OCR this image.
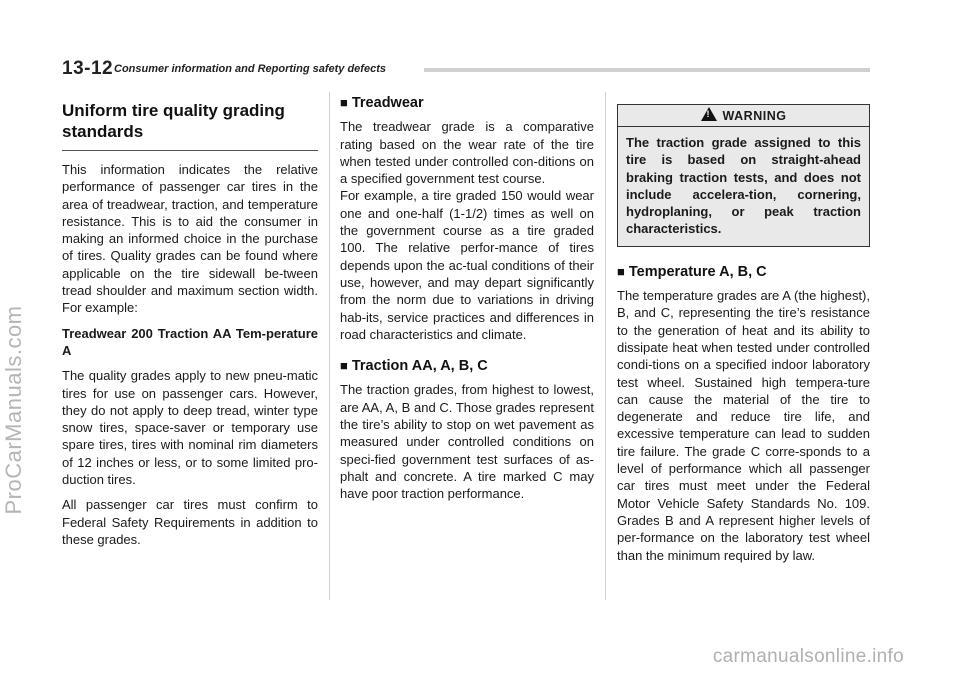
13-12 Consumer information and Reporting safety defects
ProCarManuals.com
Uniform tire quality grading standards

This information indicates the relative performance of passenger car tires in the area of treadwear, traction, and temperature resistance. This is to aid the consumer in making an informed choice in the purchase of tires. Quality grades can be found where applicable on the tire sidewall be-tween tread shoulder and maximum section width. For example:

Treadwear 200 Traction AA Tem-perature A

The quality grades apply to new pneu-matic tires for use on passenger cars. However, they do not apply to deep tread, winter type snow tires, space-saver or temporary use spare tires, tires with nominal rim diameters of 12 inches or less, or to some limited pro-duction tires.

All passenger car tires must confirm to Federal Safety Requirements in addition to these grades.

■ Treadwear

The treadwear grade is a comparative rating based on the wear rate of the tire when tested under controlled con-ditions on a specified government test course.

For example, a tire graded 150 would wear one and one-half (1-1/2) times as well on the government course as a tire graded 100. The relative perfor-mance of tires depends upon the ac-tual conditions of their use, however, and may depart significantly from the norm due to variations in driving hab-its, service practices and differences in road characteristics and climate.

■ Traction AA, A, B, C

The traction grades, from highest to lowest, are AA, A, B and C. Those grades represent the tire’s ability to stop on wet pavement as measured under controlled conditions on speci-fied government test surfaces of as-phalt and concrete. A tire marked C may have poor traction performance.

! WARNING
The traction grade assigned to this tire is based on straight-ahead braking traction tests, and does not include accelera-tion, cornering, hydroplaning, or peak traction characteristics.
■ Temperature A, B, C

The temperature grades are A (the highest), B, and C, representing the tire’s resistance to the generation of heat and its ability to dissipate heat when tested under controlled condi-tions on a specified indoor laboratory test wheel. Sustained high tempera-ture can cause the material of the tire to degenerate and reduce tire life, and excessive temperature can lead to sudden tire failure. The grade C corre-sponds to a level of performance which all passenger car tires must meet under the Federal Motor Vehicle Safety Standards No. 109. Grades B and A represent higher levels of per-formance on the laboratory test wheel than the minimum required by law.

carmanualsonline.info
